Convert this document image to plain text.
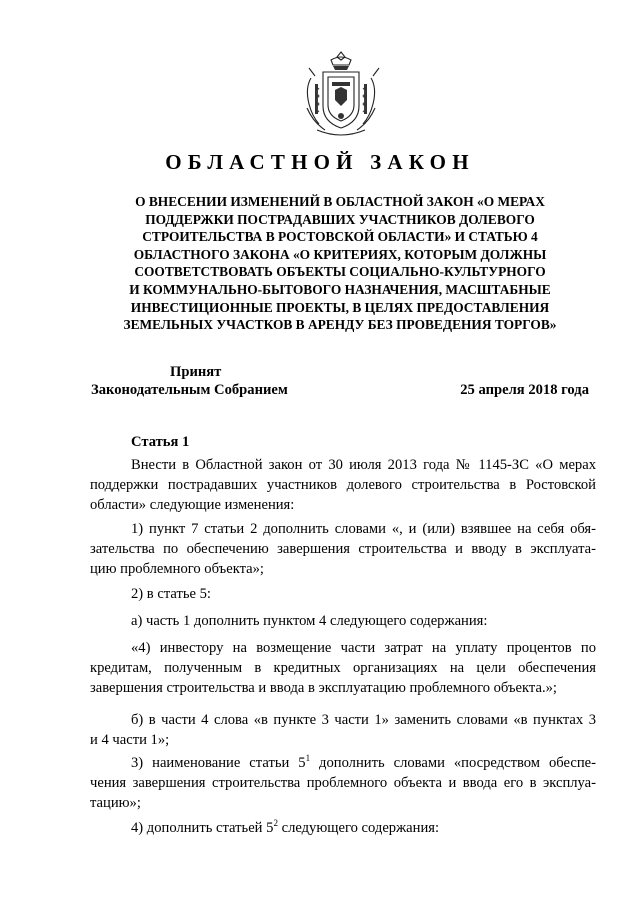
ОБЛАСТНОЙ ЗАКОН
О ВНЕСЕНИИ ИЗМЕНЕНИЙ В ОБЛАСТНОЙ ЗАКОН «О МЕРАХ
ПОДДЕРЖКИ ПОСТРАДАВШИХ УЧАСТНИКОВ ДОЛЕВОГО
СТРОИТЕЛЬСТВА В РОСТОВСКОЙ ОБЛАСТИ» И СТАТЬЮ 4
ОБЛАСТНОГО ЗАКОНА «О КРИТЕРИЯХ, КОТОРЫМ ДОЛЖНЫ
СООТВЕТСТВОВАТЬ ОБЪЕКТЫ СОЦИАЛЬНО-КУЛЬТУРНОГО
И КОММУНАЛЬНО-БЫТОВОГО НАЗНАЧЕНИЯ, МАСШТАБНЫЕ
ИНВЕСТИЦИОННЫЕ ПРОЕКТЫ, В ЦЕЛЯХ ПРЕДОСТАВЛЕНИЯ
ЗЕМЕЛЬНЫХ УЧАСТКОВ В АРЕНДУ БЕЗ ПРОВЕДЕНИЯ ТОРГОВ»
Принят
Законодательным Собранием	25 апреля 2018 года
Статья 1
Внести в Областной закон от 30 июля 2013 года № 1145-ЗС «О мерах
поддержки пострадавших участников долевого строительства в Ростовской
области» следующие изменения:
1) пункт 7 статьи 2 дополнить словами «, и (или) взявшее на себя обя-
зательства по обеспечению завершения строительства и вводу в эксплуата-
цию проблемного объекта»;
2) в статье 5:
а) часть 1 дополнить пунктом 4 следующего содержания:
«4) инвестору на возмещение части затрат на уплату процентов по
кредитам, полученным в кредитных организациях на цели обеспечения
завершения строительства и ввода в эксплуатацию проблемного объекта.»;
б) в части 4 слова «в пункте 3 части 1» заменить словами «в пунктах 3
и 4 части 1»;
3) наименование статьи $5^1$ дополнить словами «посредством обеспе-
чения завершения строительства проблемного объекта и ввода его в эксплуа-
тацию»;
4) дополнить статьей $5^2$ следующего содержания:
